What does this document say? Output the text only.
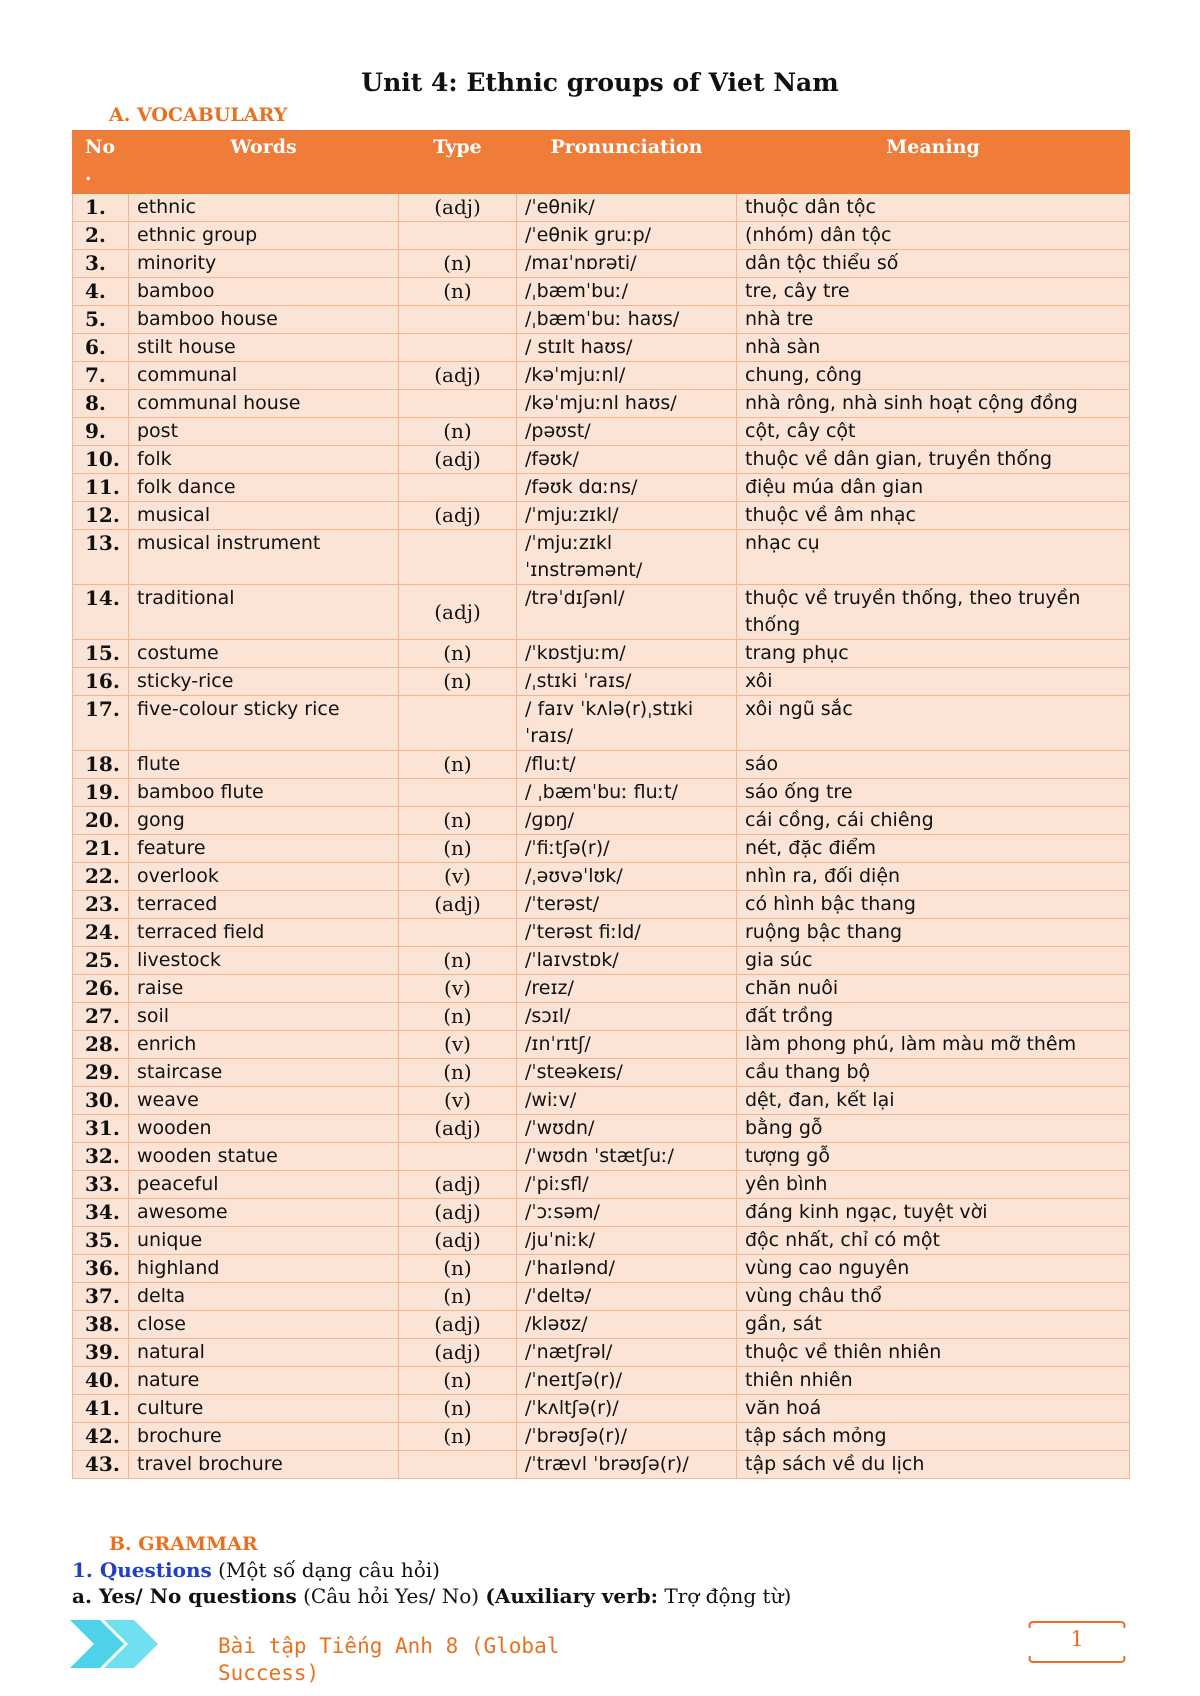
Unit 4: Ethnic groups of Viet Nam
A. VOCABULARY
No
.	Words	Type	Pronunciation	Meaning
1.	ethnic	(adj)	/ˈeθnik/	thuộc dân tộc
2.	ethnic group		/ˈeθnik ɡruːp/	(nhóm) dân tộc
3.	minority	(n)	/maɪˈnɒrəti/	dân tộc thiểu số
4.	bamboo	(n)	/ˌbæmˈbuː/	tre, cây tre
5.	bamboo house		/ˌbæmˈbuː haʊs/	nhà tre
6.	stilt house		/ stɪlt haʊs/	nhà sàn
7.	communal	(adj)	/kəˈmjuːnl/	chung, công
8.	communal house		/kəˈmjuːnl haʊs/	nhà rông, nhà sinh hoạt cộng đồng
9.	post	(n)	/pəʊst/	cột, cây cột
10.	folk	(adj)	/fəʊk/	thuộc về dân gian, truyền thống
11.	folk dance		/fəʊk dɑːns/	điệu múa dân gian
12.	musical	(adj)	/ˈmjuːzɪkl/	thuộc về âm nhạc
13.	musical instrument		/ˈmjuːzɪkl ˈɪnstrəmənt/	nhạc cụ
14.	traditional	(adj)	/trəˈdɪʃənl/	thuộc về truyền thống, theo truyền thống
15.	costume	(n)	/ˈkɒstjuːm/	trang phục
16.	sticky-rice	(n)	/ˌstɪki ˈraɪs/	xôi
17.	five-colour sticky rice		/ faɪv ˈkʌlə(r)ˌstɪki ˈraɪs/	xôi ngũ sắc
18.	flute	(n)	/fluːt/	sáo
19.	bamboo flute		/ ˌbæmˈbuː fluːt/	sáo ống tre
20.	gong	(n)	/ɡɒŋ/	cái cồng, cái chiêng
21.	feature	(n)	/ˈfiːtʃə(r)/	nét, đặc điểm
22.	overlook	(v)	/ˌəʊvəˈlʊk/	nhìn ra, đối diện
23.	terraced	(adj)	/ˈterəst/	có hình bậc thang
24.	terraced field		/ˈterəst fiːld/	ruộng bậc thang
25.	livestock	(n)	/ˈlaɪvstɒk/	gia súc
26.	raise	(v)	/reɪz/	chăn nuôi
27.	soil	(n)	/sɔɪl/	đất trồng
28.	enrich	(v)	/ɪnˈrɪtʃ/	làm phong phú, làm màu mỡ thêm
29.	staircase	(n)	/ˈsteəkeɪs/	cầu thang bộ
30.	weave	(v)	/wiːv/	dệt, đan, kết lại
31.	wooden	(adj)	/ˈwʊdn/	bằng gỗ
32.	wooden statue		/ˈwʊdn ˈstætʃuː/	tượng gỗ
33.	peaceful	(adj)	/ˈpiːsfl/	yên bình
34.	awesome	(adj)	/ˈɔːsəm/	đáng kinh ngạc, tuyệt vời
35.	unique	(adj)	/juˈniːk/	độc nhất, chỉ có một
36.	highland	(n)	/ˈhaɪlənd/	vùng cao nguyên
37.	delta	(n)	/ˈdeltə/	vùng châu thổ
38.	close	(adj)	/kləʊz/	gần, sát
39.	natural	(adj)	/ˈnætʃrəl/	thuộc về thiên nhiên
40.	nature	(n)	/ˈneɪtʃə(r)/	thiên nhiên
41.	culture	(n)	/ˈkʌltʃə(r)/	văn hoá
42.	brochure	(n)	/ˈbrəʊʃə(r)/	tập sách mỏng
43.	travel brochure		/ˈtrævl ˈbrəʊʃə(r)/	tập sách về du lịch
B. GRAMMAR
1. Questions (Một số dạng câu hỏi)
a. Yes/ No questions (Câu hỏi Yes/ No) (Auxiliary verb: Trợ động từ)
Bài tập Tiếng Anh 8 (Global Success)
1
